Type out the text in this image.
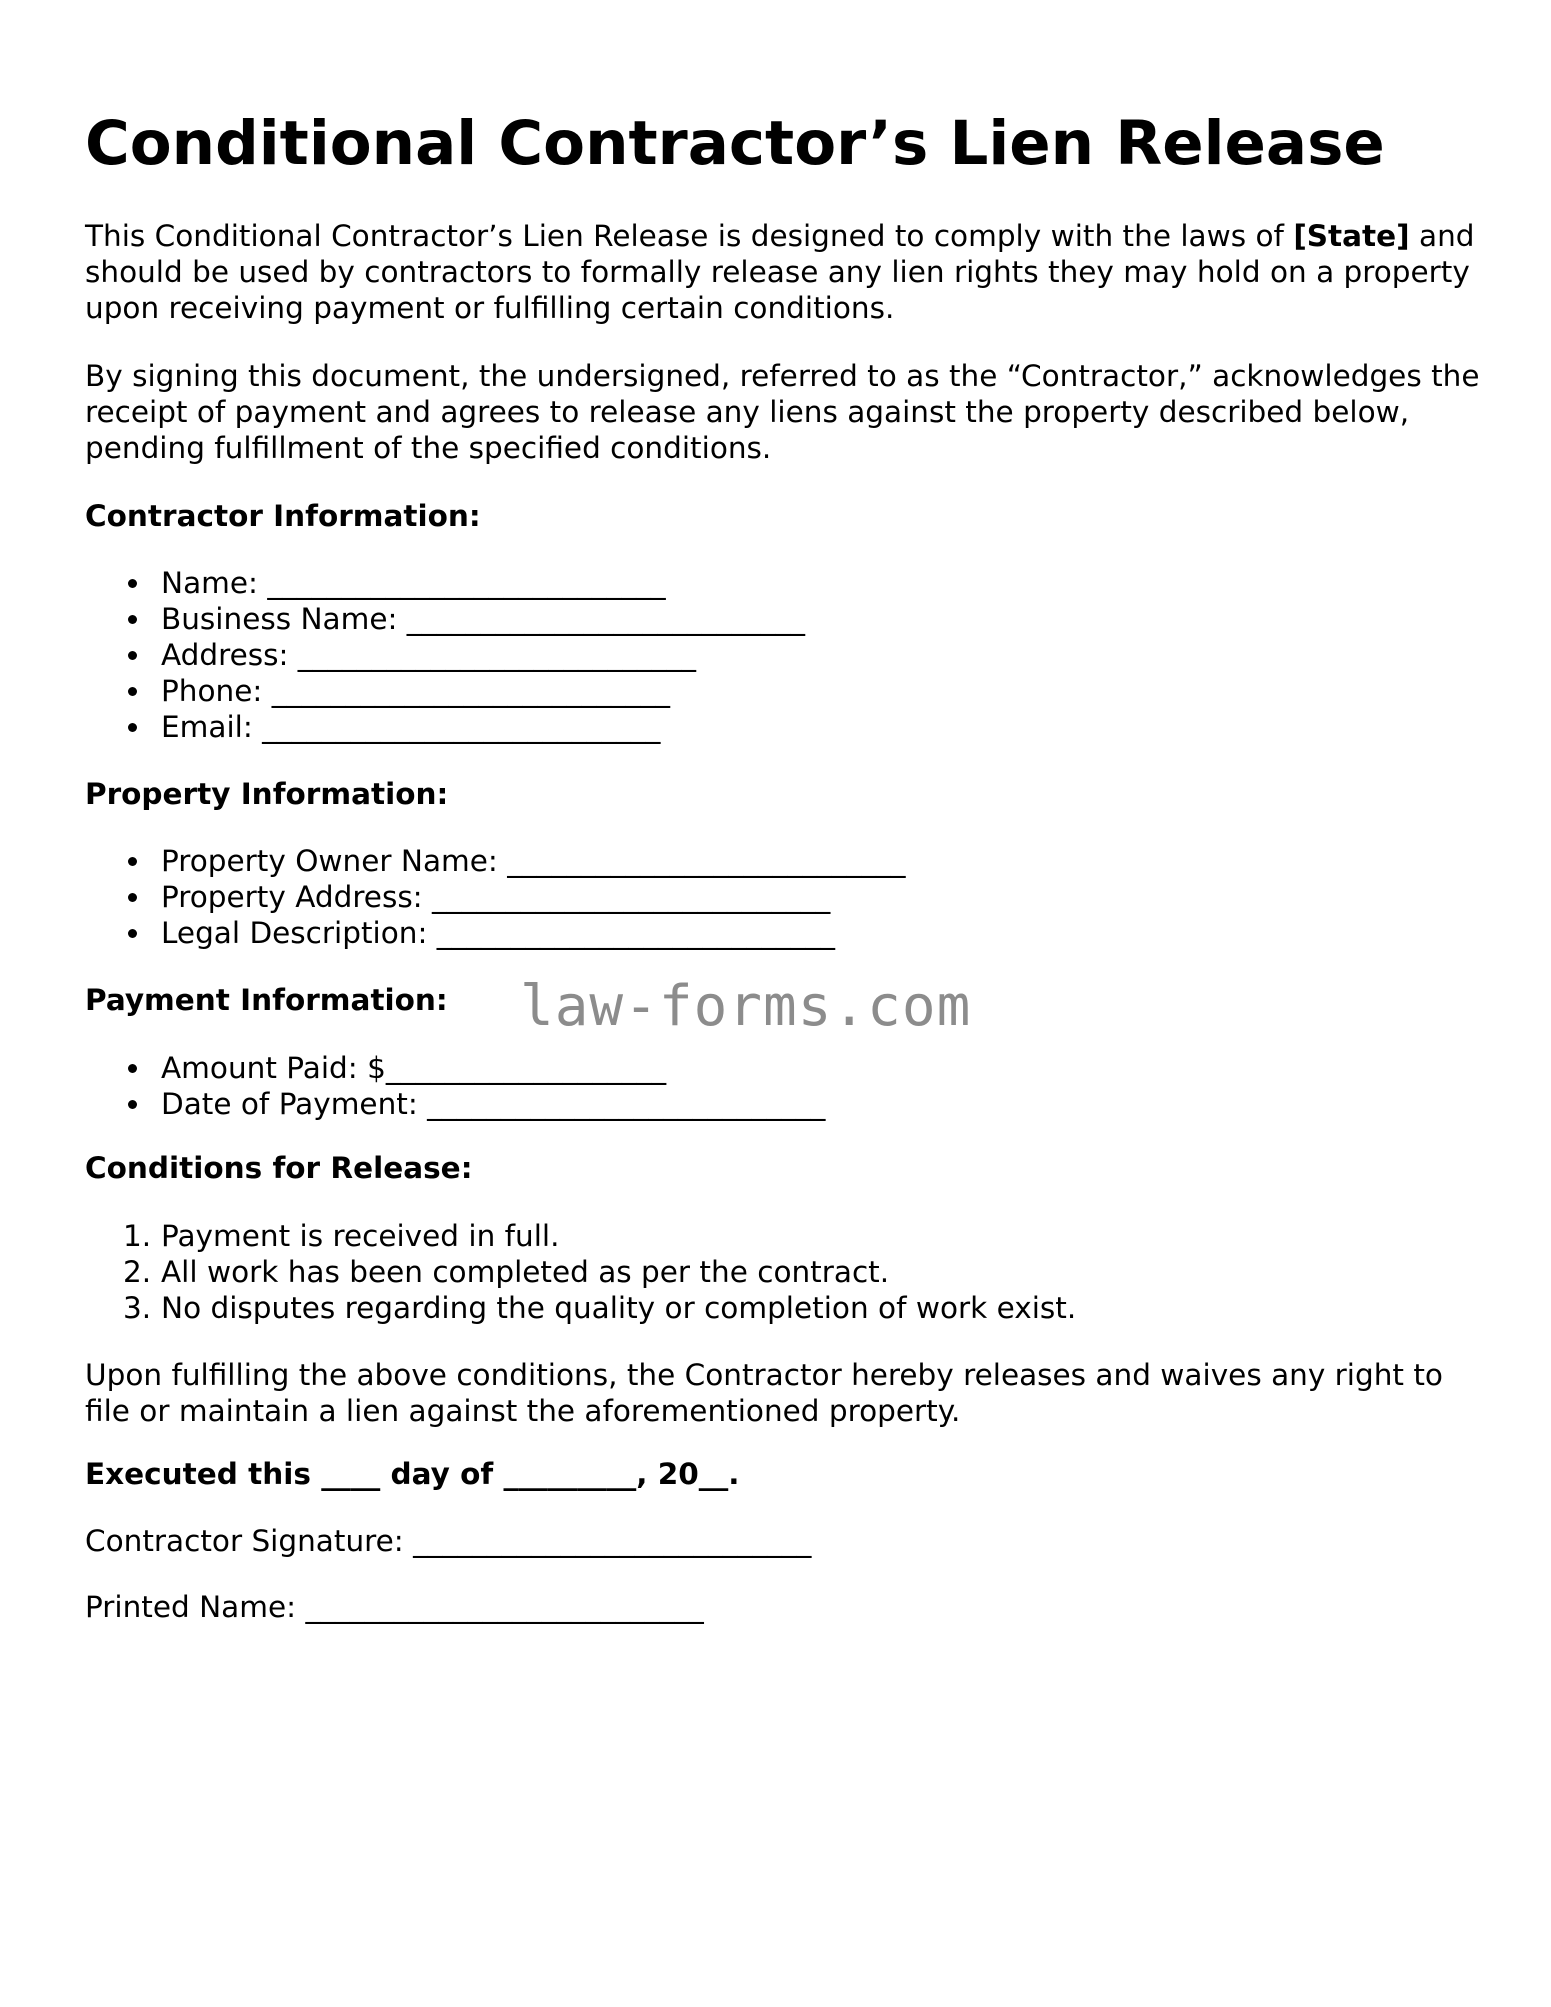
Conditional Contractor’s Lien Release

This Conditional Contractor’s Lien Release is designed to comply with the laws of [State] and should be used by contractors to formally release any lien rights they may hold on a property upon receiving payment or fulfilling certain conditions.

By signing this document, the undersigned, referred to as the “Contractor,” acknowledges the receipt of payment and agrees to release any liens against the property described below, pending fulfillment of the specified conditions.

Contractor Information:
Name: ___________________________
Business Name: ___________________________
Address: ___________________________
Phone: ___________________________
Email: ___________________________
Property Information:
Property Owner Name: ___________________________
Property Address: ___________________________
Legal Description: ___________________________
Payment Information:
Amount Paid: $___________________
Date of Payment: ___________________________
Conditions for Release:
1. Payment is received in full.
2. All work has been completed as per the contract.
3. No disputes regarding the quality or completion of work exist.

Upon fulfilling the above conditions, the Contractor hereby releases and waives any right to file or maintain a lien against the aforementioned property.

Executed this ____ day of _________, 20__.

Contractor Signature: ___________________________

Printed Name: ___________________________

law-forms.com
